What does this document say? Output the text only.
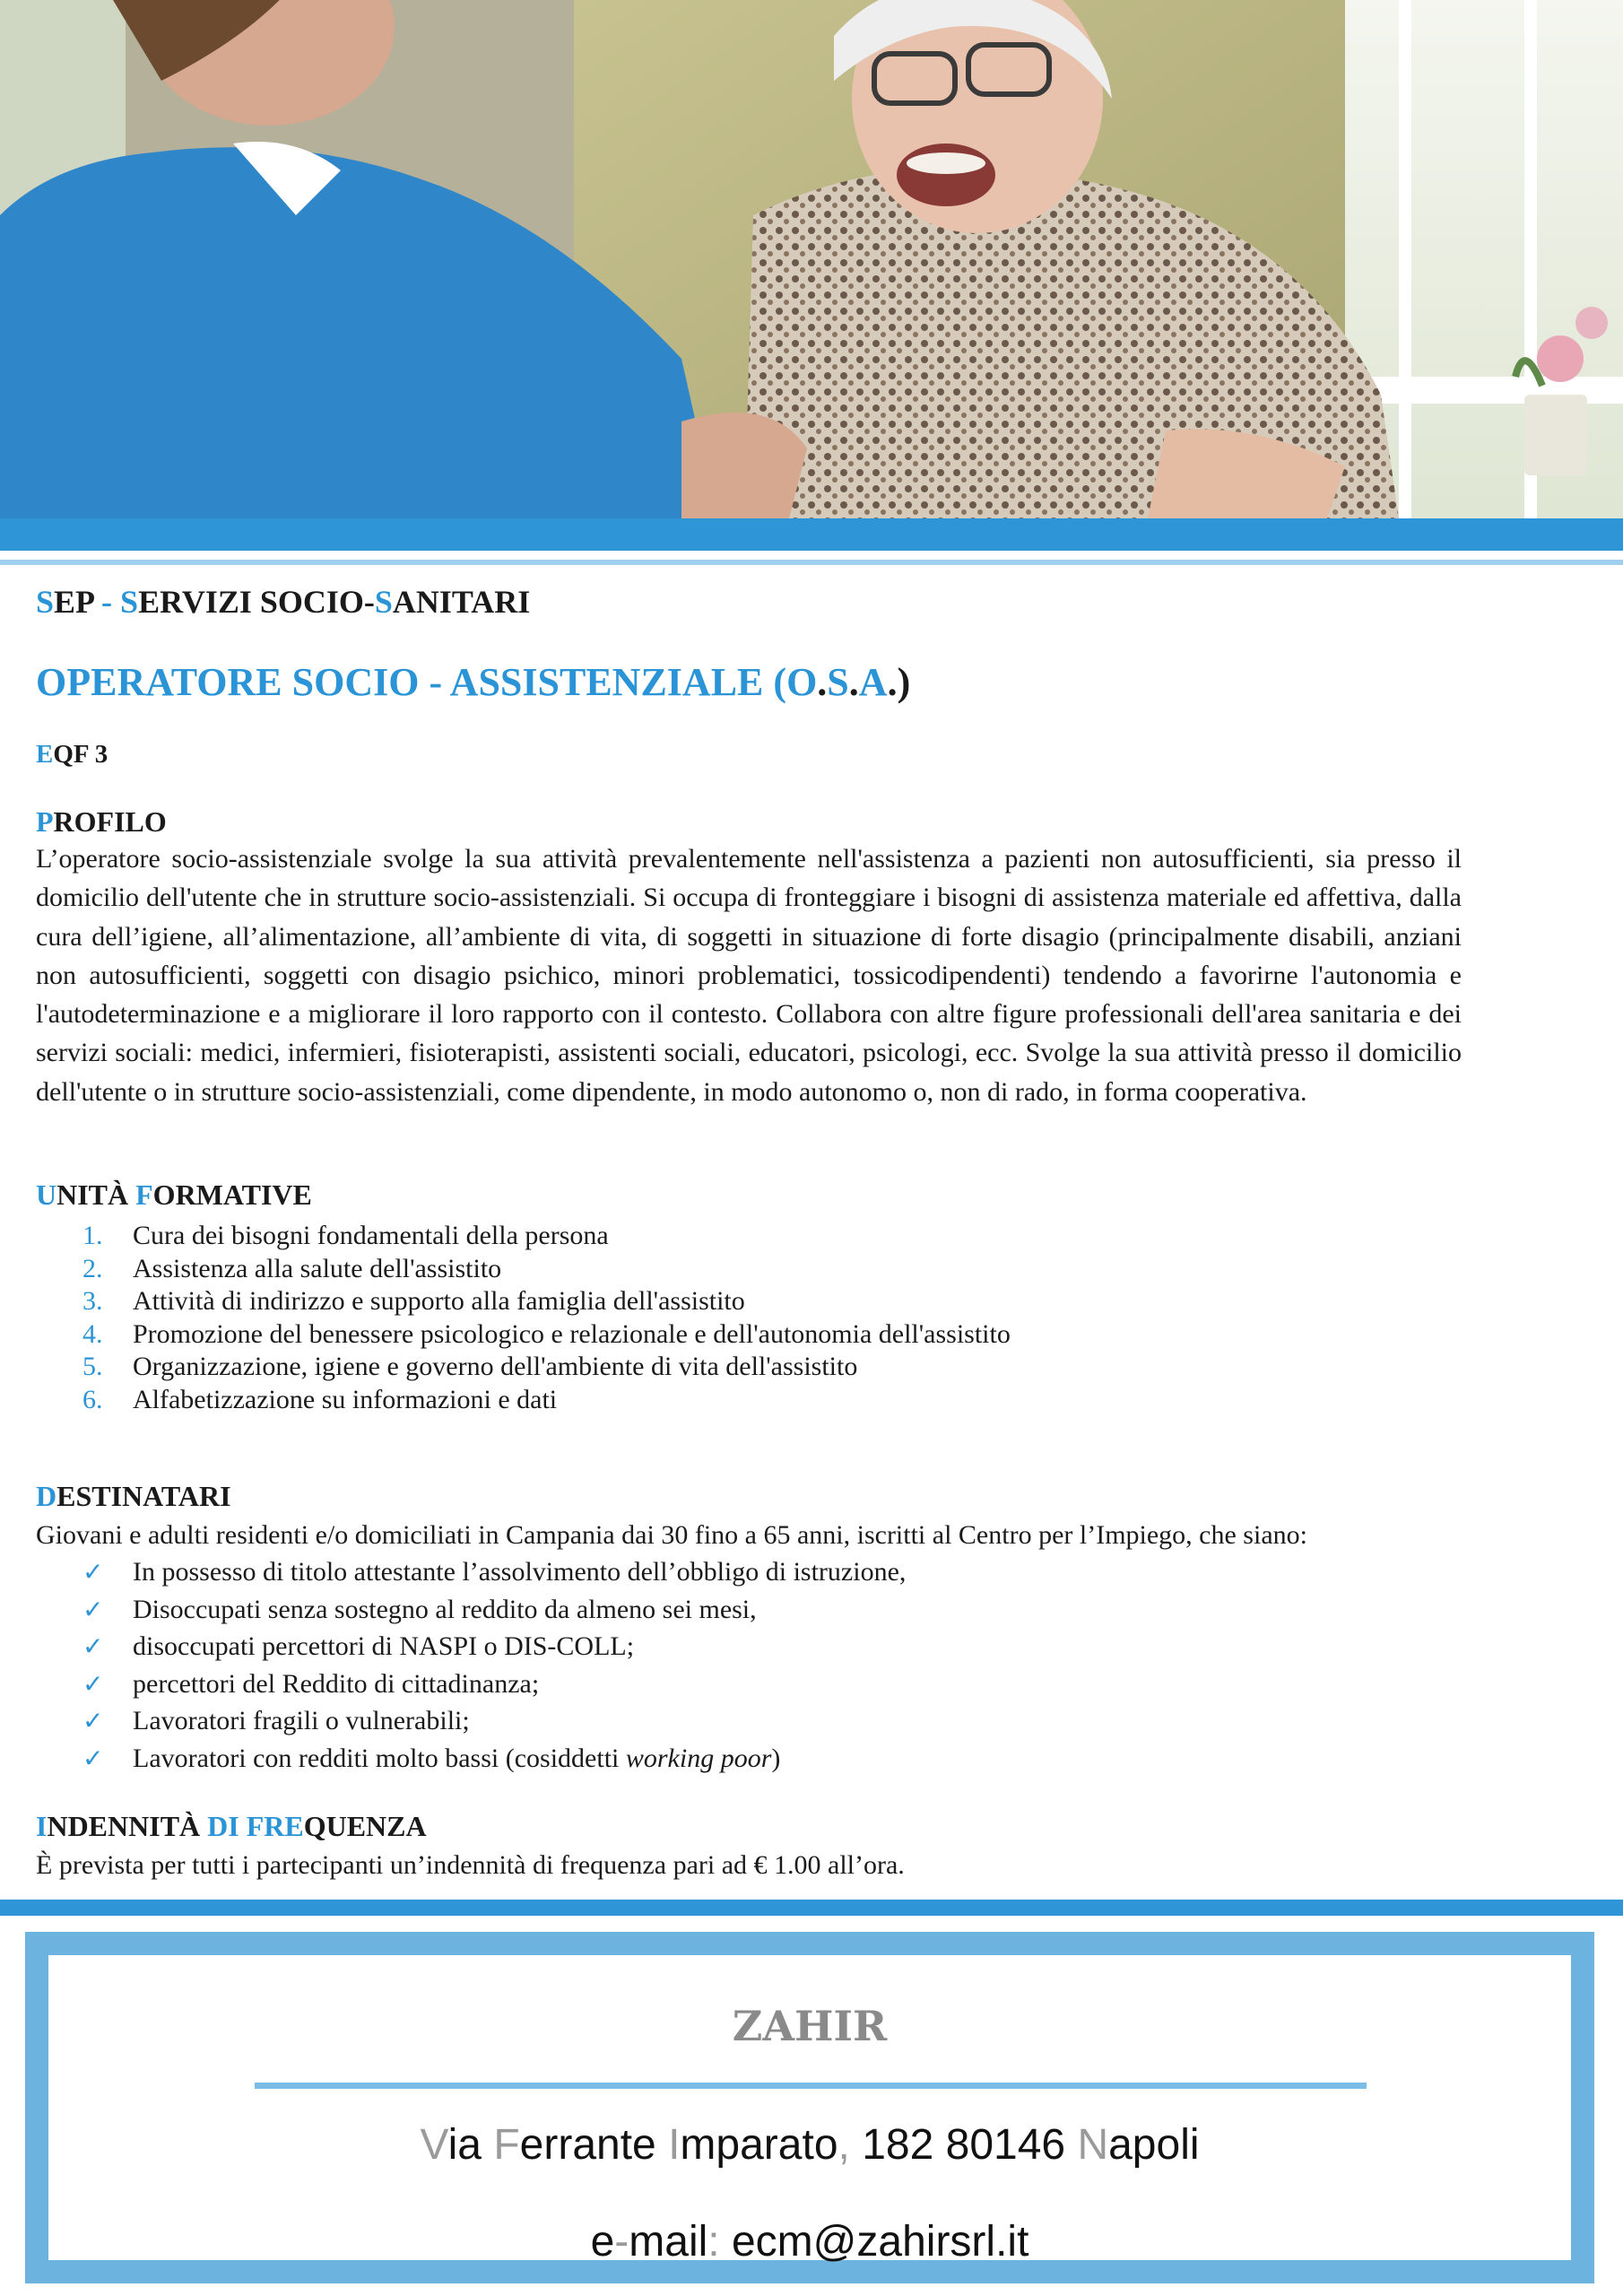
SEP - SERVIZI SOCIO-SANITARI
OPERATORE SOCIO - ASSISTENZIALE (O.S.A.)
EQF 3
PROFILO
L’operatore socio-assistenziale svolge la sua attività prevalentemente nell'assistenza a pazienti non autosufficienti, sia presso il domicilio dell'utente che in strutture socio-assistenziali. Si occupa di fronteggiare i bisogni di assistenza materiale ed affettiva, dalla cura dell’igiene, all’alimentazione, all’ambiente di vita, di soggetti in situazione di forte disagio (principalmente disabili, anziani non autosufficienti, soggetti con disagio psichico, minori problematici, tossicodipendenti) tendendo a favorirne l'autonomia e l'autodeterminazione e a migliorare il loro rapporto con il contesto. Collabora con altre figure professionali dell'area sanitaria e dei servizi sociali: medici, infermieri, fisioterapisti, assistenti sociali, educatori, psicologi, ecc. Svolge la sua attività presso il domicilio dell'utente o in strutture socio-assistenziali, come dipendente, in modo autonomo o, non di rado, in forma cooperativa.
UNITÀ FORMATIVE
1. Cura dei bisogni fondamentali della persona
2. Assistenza alla salute dell'assistito
3. Attività di indirizzo e supporto alla famiglia dell'assistito
4. Promozione del benessere psicologico e relazionale e dell'autonomia dell'assistito
5. Organizzazione, igiene e governo dell'ambiente di vita dell'assistito
6. Alfabetizzazione su informazioni e dati
DESTINATARI
Giovani e adulti residenti e/o domiciliati in Campania dai 30 fino a 65 anni, iscritti al Centro per l’Impiego, che siano:
✓ In possesso di titolo attestante l’assolvimento dell’obbligo di istruzione,
✓ Disoccupati senza sostegno al reddito da almeno sei mesi,
✓ disoccupati percettori di NASPI o DIS-COLL;
✓ percettori del Reddito di cittadinanza;
✓ Lavoratori fragili o vulnerabili;
✓ Lavoratori con redditi molto bassi (cosiddetti working poor)
INDENNITÀ DI FREQUENZA
È prevista per tutti i partecipanti un’indennità di frequenza pari ad € 1.00 all’ora.
ZAHIR
Via Ferrante Imparato, 182 80146 Napoli
e-mail: ecm@zahirsrl.it
